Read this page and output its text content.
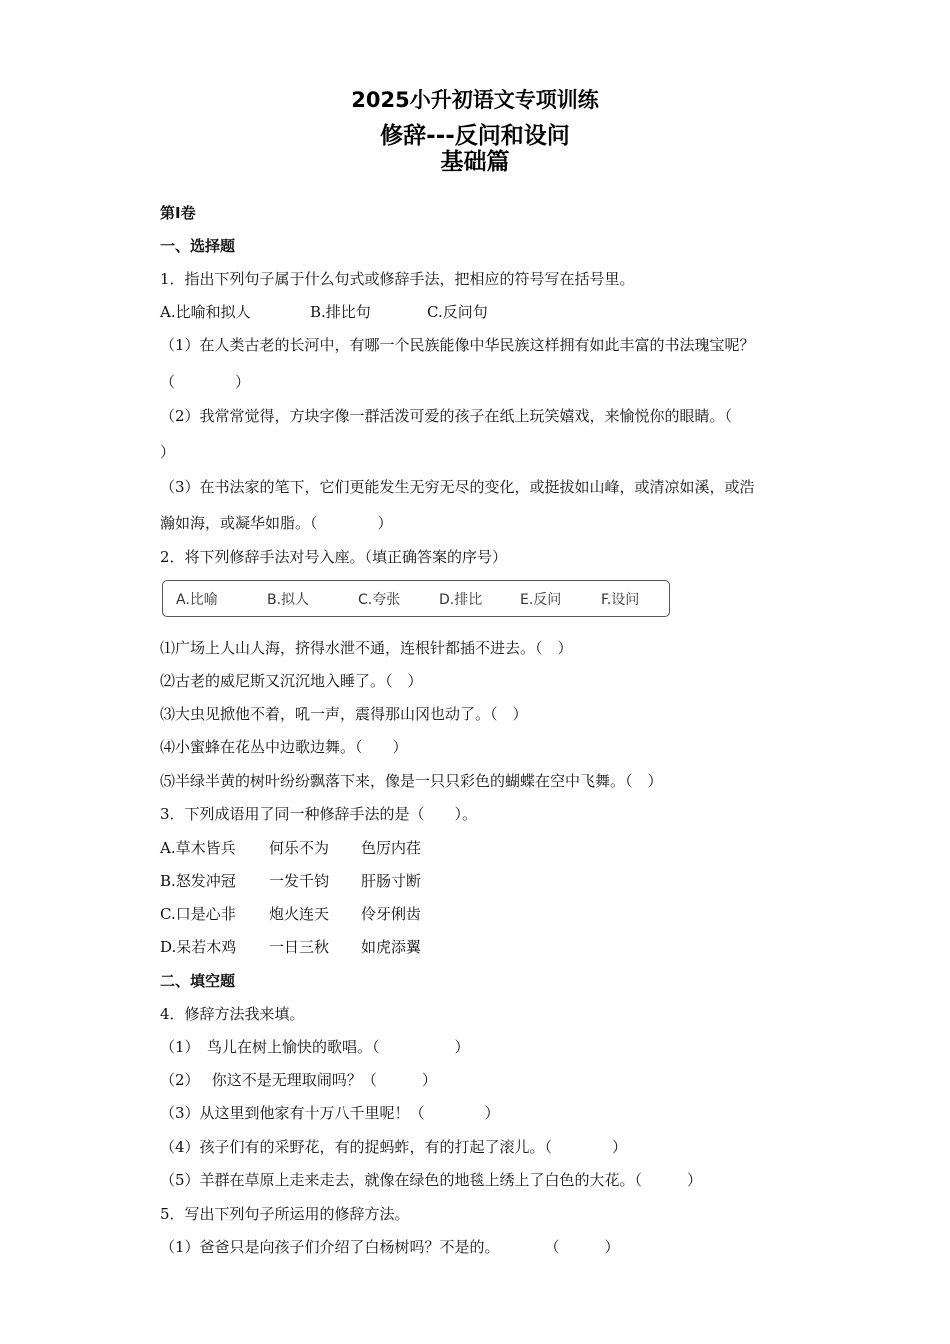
2025小升初语文专项训练
修辞---反问和设问
基础篇
第I卷
一、选择题
1．指出下列句子属于什么句式或修辞手法，把相应的符号写在括号里。
A.比喻和拟人	B.排比句	C.反问句
（1）在人类古老的长河中，有哪一个民族能像中华民族这样拥有如此丰富的书法瑰宝呢？
（　　　　）
（2）我常常觉得，方块字像一群活泼可爱的孩子在纸上玩笑嬉戏，来愉悦你的眼睛。（
）
（3）在书法家的笔下，它们更能发生无穷无尽的变化，或挺拔如山峰，或清凉如溪，或浩
瀚如海，或凝华如脂。（　　　　）
2．将下列修辞手法对号入座。（填正确答案的序号）
A.比喻	B.拟人	C.夸张	D.排比	E.反问	F.设问
⑴广场上人山人海，挤得水泄不通，连根针都插不进去。（　）
⑵古老的威尼斯又沉沉地入睡了。（　）
⑶大虫见掀他不着，吼一声，震得那山冈也动了。（　）
⑷小蜜蜂在花丛中边歌边舞。（　　）
⑸半绿半黄的树叶纷纷飘落下来，像是一只只彩色的蝴蝶在空中飞舞。（　）
3．下列成语用了同一种修辞手法的是（　　）。
A.草木皆兵 何乐不为 色厉内荏
B.怒发冲冠 一发千钧 肝肠寸断
C.口是心非 炮火连天 伶牙俐齿
D.呆若木鸡 一日三秋 如虎添翼
二、填空题
4．修辞方法我来填。
（1）　鸟儿在树上愉快的歌唱。（　　　　　）
（2）　 你这不是无理取闹吗？（　　　）
（3）从这里到他家有十万八千里呢！（　　　　）
（4）孩子们有的采野花，有的捉蚂蚱，有的打起了滚儿。（　　　　）
（5）羊群在草原上走来走去，就像在绿色的地毯上绣上了白色的大花。（　　　）
5．写出下列句子所运用的修辞方法。
（1）爸爸只是向孩子们介绍了白杨树吗？不是的。　　　　（　　　）
